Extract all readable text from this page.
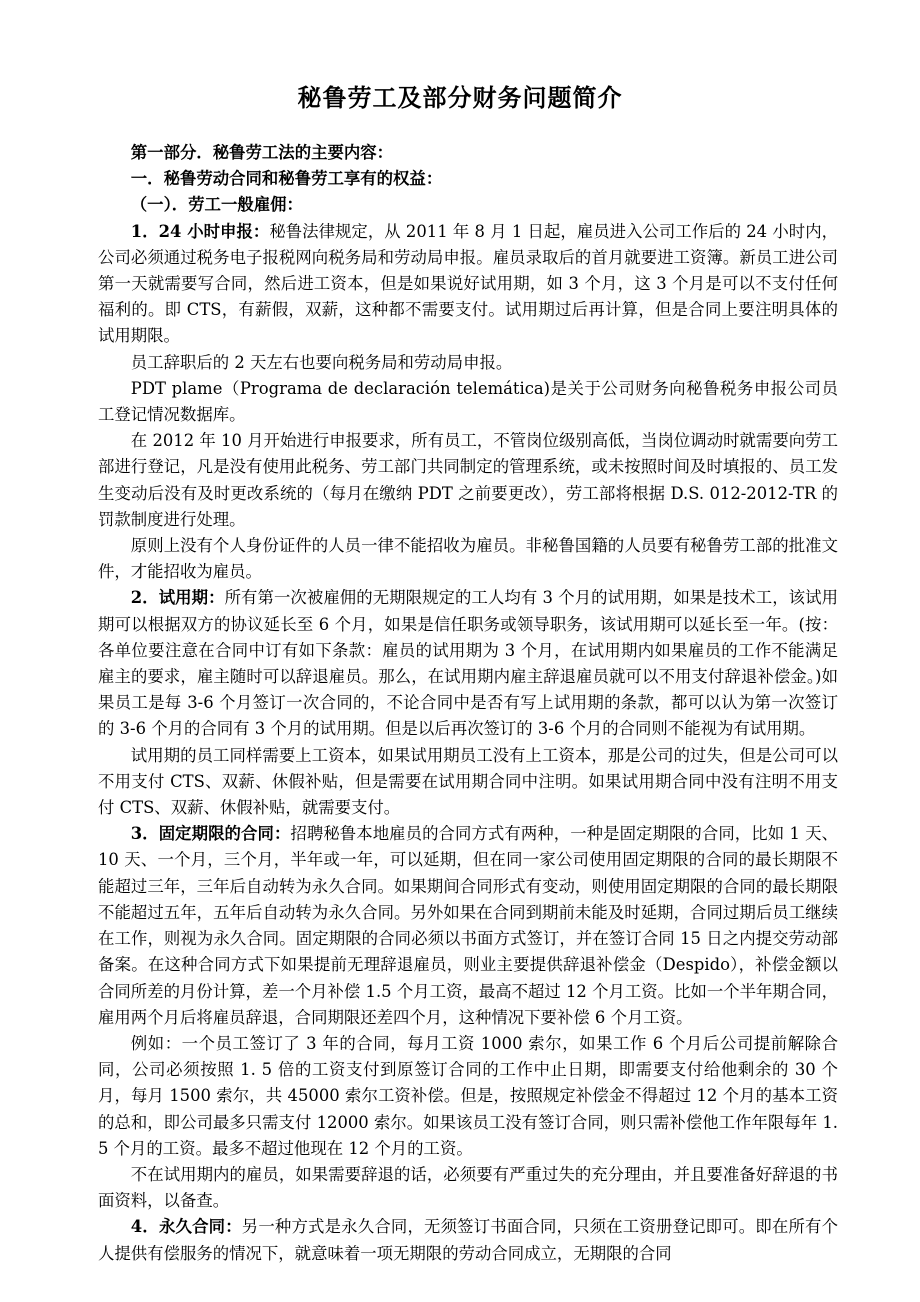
秘鲁劳工及部分财务问题简介
第一部分．秘鲁劳工法的主要内容：
一．秘鲁劳动合同和秘鲁劳工享有的权益：
（一）．劳工一般雇佣：

1．24 小时申报：秘鲁法律规定，从 2011 年 8 月 1 日起，雇员进入公司工作后的 24 小时内，公司必须通过税务电子报税网向税务局和劳动局申报。雇员录取后的首月就要进工资簿。新员工进公司第一天就需要写合同，然后进工资本，但是如果说好试用期，如 3 个月，这 3 个月是可以不支付任何福利的。即 CTS，有薪假，双薪，这种都不需要支付。试用期过后再计算，但是合同上要注明具体的试用期限。

员工辞职后的 2 天左右也要向税务局和劳动局申报。

PDT plame（Programa de declaración telemática)是关于公司财务向秘鲁税务申报公司员工登记情况数据库。

在 2012 年 10 月开始进行申报要求，所有员工，不管岗位级别高低，当岗位调动时就需要向劳工部进行登记，凡是没有使用此税务、劳工部门共同制定的管理系统，或未按照时间及时填报的、员工发生变动后没有及时更改系统的（每月在缴纳 PDT 之前要更改），劳工部将根据 D.S. 012-2012-TR 的罚款制度进行处理。

原则上没有个人身份证件的人员一律不能招收为雇员。非秘鲁国籍的人员要有秘鲁劳工部的批准文件，才能招收为雇员。

2．试用期：所有第一次被雇佣的无期限规定的工人均有 3 个月的试用期，如果是技术工，该试用期可以根据双方的协议延长至 6 个月，如果是信任职务或领导职务，该试用期可以延长至一年。(按：各单位要注意在合同中订有如下条款：雇员的试用期为 3 个月，在试用期内如果雇员的工作不能满足雇主的要求，雇主随时可以辞退雇员。那么，在试用期内雇主辞退雇员就可以不用支付辞退补偿金。)如果员工是每 3-6 个月签订一次合同的，不论合同中是否有写上试用期的条款，都可以认为第一次签订的 3-6 个月的合同有 3 个月的试用期。但是以后再次签订的 3-6 个月的合同则不能视为有试用期。

试用期的员工同样需要上工资本，如果试用期员工没有上工资本，那是公司的过失，但是公司可以不用支付 CTS、双薪、休假补贴，但是需要在试用期合同中注明。如果试用期合同中没有注明不用支付 CTS、双薪、休假补贴，就需要支付。

3．固定期限的合同：招聘秘鲁本地雇员的合同方式有两种，一种是固定期限的合同，比如 1 天、10 天、一个月，三个月，半年或一年，可以延期，但在同一家公司使用固定期限的合同的最长期限不能超过三年，三年后自动转为永久合同。如果期间合同形式有变动，则使用固定期限的合同的最长期限不能超过五年，五年后自动转为永久合同。另外如果在合同到期前未能及时延期，合同过期后员工继续在工作，则视为永久合同。固定期限的合同必须以书面方式签订，并在签订合同 15 日之内提交劳动部备案。在这种合同方式下如果提前无理辞退雇员，则业主要提供辞退补偿金（Despido），补偿金额以合同所差的月份计算，差一个月补偿 1.5 个月工资，最高不超过 12 个月工资。比如一个半年期合同，雇用两个月后将雇员辞退，合同期限还差四个月，这种情况下要补偿 6 个月工资。

例如：一个员工签订了 3 年的合同，每月工资 1000 索尔，如果工作 6 个月后公司提前解除合同，公司必须按照 1. 5 倍的工资支付到原签订合同的工作中止日期，即需要支付给他剩余的 30 个月，每月 1500 索尔，共 45000 索尔工资补偿。但是，按照规定补偿金不得超过 12 个月的基本工资的总和，即公司最多只需支付 12000 索尔。如果该员工没有签订合同，则只需补偿他工作年限每年 1. 5 个月的工资。最多不超过他现在 12 个月的工资。

不在试用期内的雇员，如果需要辞退的话，必须要有严重过失的充分理由，并且要准备好辞退的书面资料，以备查。

4．永久合同：另一种方式是永久合同，无须签订书面合同，只须在工资册登记即可。即在所有个人提供有偿服务的情况下，就意味着一项无期限的劳动合同成立，无期限的合同
